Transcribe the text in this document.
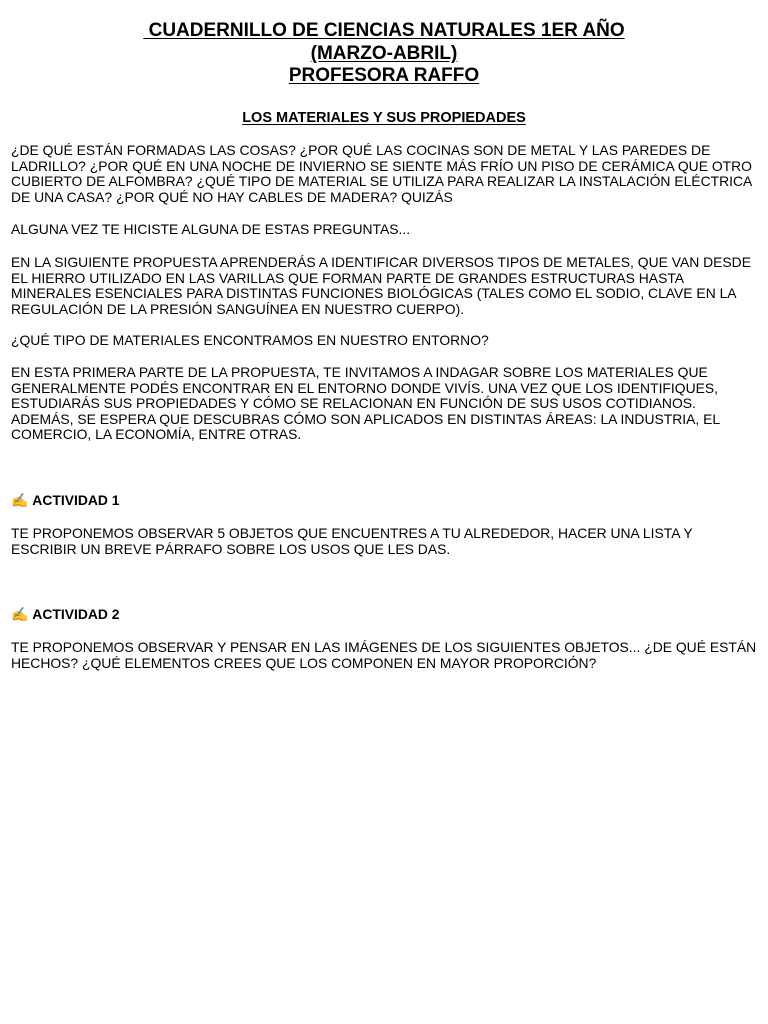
CUADERNILLO DE CIENCIAS NATURALES 1ER AÑO
(MARZO-ABRIL)
PROFESORA RAFFO
LOS MATERIALES Y SUS PROPIEDADES

¿DE QUÉ ESTÁN FORMADAS LAS COSAS? ¿POR QUÉ LAS COCINAS SON DE METAL Y LAS PAREDES DE LADRILLO? ¿POR QUÉ EN UNA NOCHE DE INVIERNO SE SIENTE MÁS FRÍO UN PISO DE CERÁMICA QUE OTRO CUBIERTO DE ALFOMBRA? ¿QUÉ TIPO DE MATERIAL SE UTILIZA PARA REALIZAR LA INSTALACIÓN ELÉCTRICA DE UNA CASA? ¿POR QUÉ NO HAY CABLES DE MADERA? QUIZÁS

ALGUNA VEZ TE HICISTE ALGUNA DE ESTAS PREGUNTAS...

EN LA SIGUIENTE PROPUESTA APRENDERÁS A IDENTIFICAR DIVERSOS TIPOS DE METALES, QUE VAN DESDE EL HIERRO UTILIZADO EN LAS VARILLAS QUE FORMAN PARTE DE GRANDES ESTRUCTURAS HASTA MINERALES ESENCIALES PARA DISTINTAS FUNCIONES BIOLÓGICAS (TALES COMO EL SODIO, CLAVE EN LA REGULACIÓN DE LA PRESIÓN SANGUÍNEA EN NUESTRO CUERPO).

¿QUÉ TIPO DE MATERIALES ENCONTRAMOS EN NUESTRO ENTORNO?

EN ESTA PRIMERA PARTE DE LA PROPUESTA, TE INVITAMOS A INDAGAR SOBRE LOS MATERIALES QUE GENERALMENTE PODÉS ENCONTRAR EN EL ENTORNO DONDE VIVÍS. UNA VEZ QUE LOS IDENTIFIQUES, ESTUDIARÁS SUS PROPIEDADES Y CÓMO SE RELACIONAN EN FUNCIÓN DE SUS USOS COTIDIANOS. ADEMÁS, SE ESPERA QUE DESCUBRAS CÓMO SON APLICADOS EN DISTINTAS ÁREAS: LA INDUSTRIA, EL COMERCIO, LA ECONOMÍA, ENTRE OTRAS.

✍ ACTIVIDAD 1

TE PROPONEMOS OBSERVAR 5 OBJETOS QUE ENCUENTRES A TU ALREDEDOR, HACER UNA LISTA Y ESCRIBIR UN BREVE PÁRRAFO SOBRE LOS USOS QUE LES DAS.

✍ ACTIVIDAD 2

TE PROPONEMOS OBSERVAR Y PENSAR EN LAS IMÁGENES DE LOS SIGUIENTES OBJETOS... ¿DE QUÉ ESTÁN HECHOS? ¿QUÉ ELEMENTOS CREES QUE LOS COMPONEN EN MAYOR PROPORCIÓN?
